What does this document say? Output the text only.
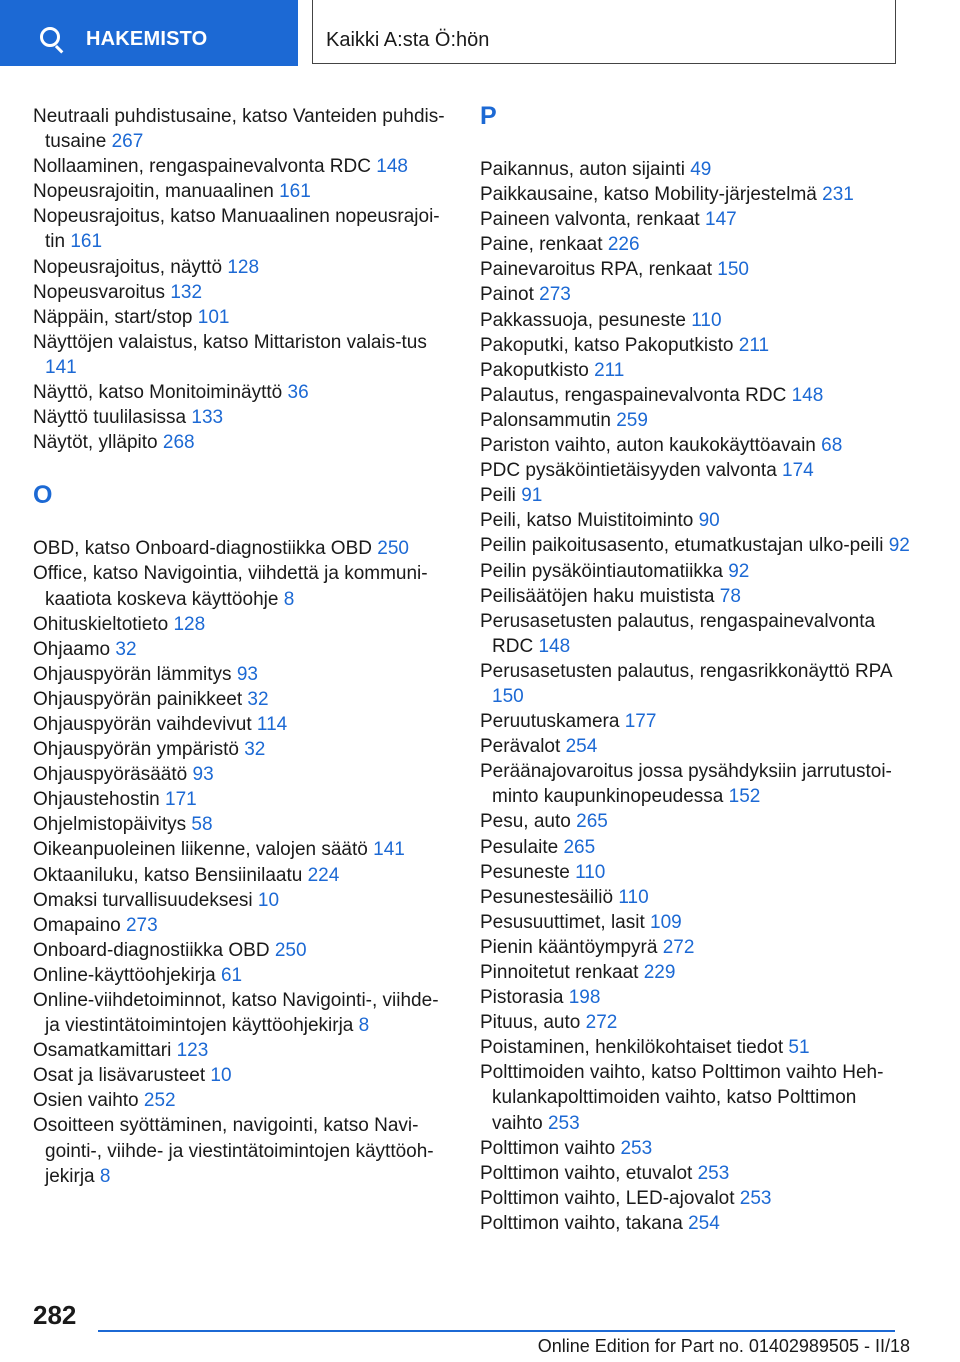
HAKEMISTO	Kaikki A:sta Ö:hön
Neutraali puhdistusaine, katso Vanteiden puhdis-tusaine 267
Nollaaminen, rengaspainevalvonta RDC 148
Nopeusrajoitin, manuaalinen 161
Nopeusrajoitus, katso Manuaalinen nopeusrajoi-tin 161
Nopeusrajoitus, näyttö 128
Nopeusvaroitus 132
Näppäin, start/stop 101
Näyttöjen valaistus, katso Mittariston valais-tus 141
Näyttö, katso Monitoiminäyttö 36
Näyttö tuulilasissa 133
Näytöt, ylläpito 268
O
OBD, katso Onboard-diagnostiikka OBD 250
Office, katso Navigointia, viihdettä ja kommuni-kaatiota koskeva käyttöohje 8
Ohituskieltotieto 128
Ohjaamo 32
Ohjauspyörän lämmitys 93
Ohjauspyörän painikkeet 32
Ohjauspyörän vaihdevivut 114
Ohjauspyörän ympäristö 32
Ohjauspyöräsäätö 93
Ohjaustehostin 171
Ohjelmistopäivitys 58
Oikeanpuoleinen liikenne, valojen säätö 141
Oktaaniluku, katso Bensiinilaatu 224
Omaksi turvallisuudeksesi 10
Omapaino 273
Onboard-diagnostiikka OBD 250
Online-käyttöohjekirja 61
Online-viihdetoiminnot, katso Navigointi-, viihde- ja viestintätoimintojen käyttöohjekirja 8
Osamatkamittari 123
Osat ja lisävarusteet 10
Osien vaihto 252
Osoitteen syöttäminen, navigointi, katso Navi-gointi-, viihde- ja viestintätoimintojen käyttöoh-jekirja 8
P
Paikannus, auton sijainti 49
Paikkausaine, katso Mobility-järjestelmä 231
Paineen valvonta, renkaat 147
Paine, renkaat 226
Painevaroitus RPA, renkaat 150
Painot 273
Pakkassuoja, pesuneste 110
Pakoputki, katso Pakoputkisto 211
Pakoputkisto 211
Palautus, rengaspainevalvonta RDC 148
Palonsammutin 259
Pariston vaihto, auton kaukokäyttöavain 68
PDC pysäköintietäisyyden valvonta 174
Peili 91
Peili, katso Muistitoiminto 90
Peilin paikoitusasento, etumatkustajan ulko-peili 92
Peilin pysäköintiautomatiikka 92
Peilisäätöjen haku muistista 78
Perusasetusten palautus, rengaspainevalvonta RDC 148
Perusasetusten palautus, rengasrikkonäyttö RPA 150
Peruutuskamera 177
Perävalot 254
Peräänajovaroitus jossa pysähdyksiin jarrutustoi-minto kaupunkinopeudessa 152
Pesu, auto 265
Pesulaite 265
Pesuneste 110
Pesunestesäiliö 110
Pesusuuttimet, lasit 109
Pienin kääntöympyrä 272
Pinnoitetut renkaat 229
Pistorasia 198
Pituus, auto 272
Poistaminen, henkilökohtaiset tiedot 51
Polttimoiden vaihto, katso Polttimon vaihto Heh-kulankapolttimoiden vaihto, katso Polttimon vaihto 253
Polttimon vaihto 253
Polttimon vaihto, etuvalot 253
Polttimon vaihto, LED-ajovalot 253
Polttimon vaihto, takana 254
282
Online Edition for Part no. 01402989505 - II/18
